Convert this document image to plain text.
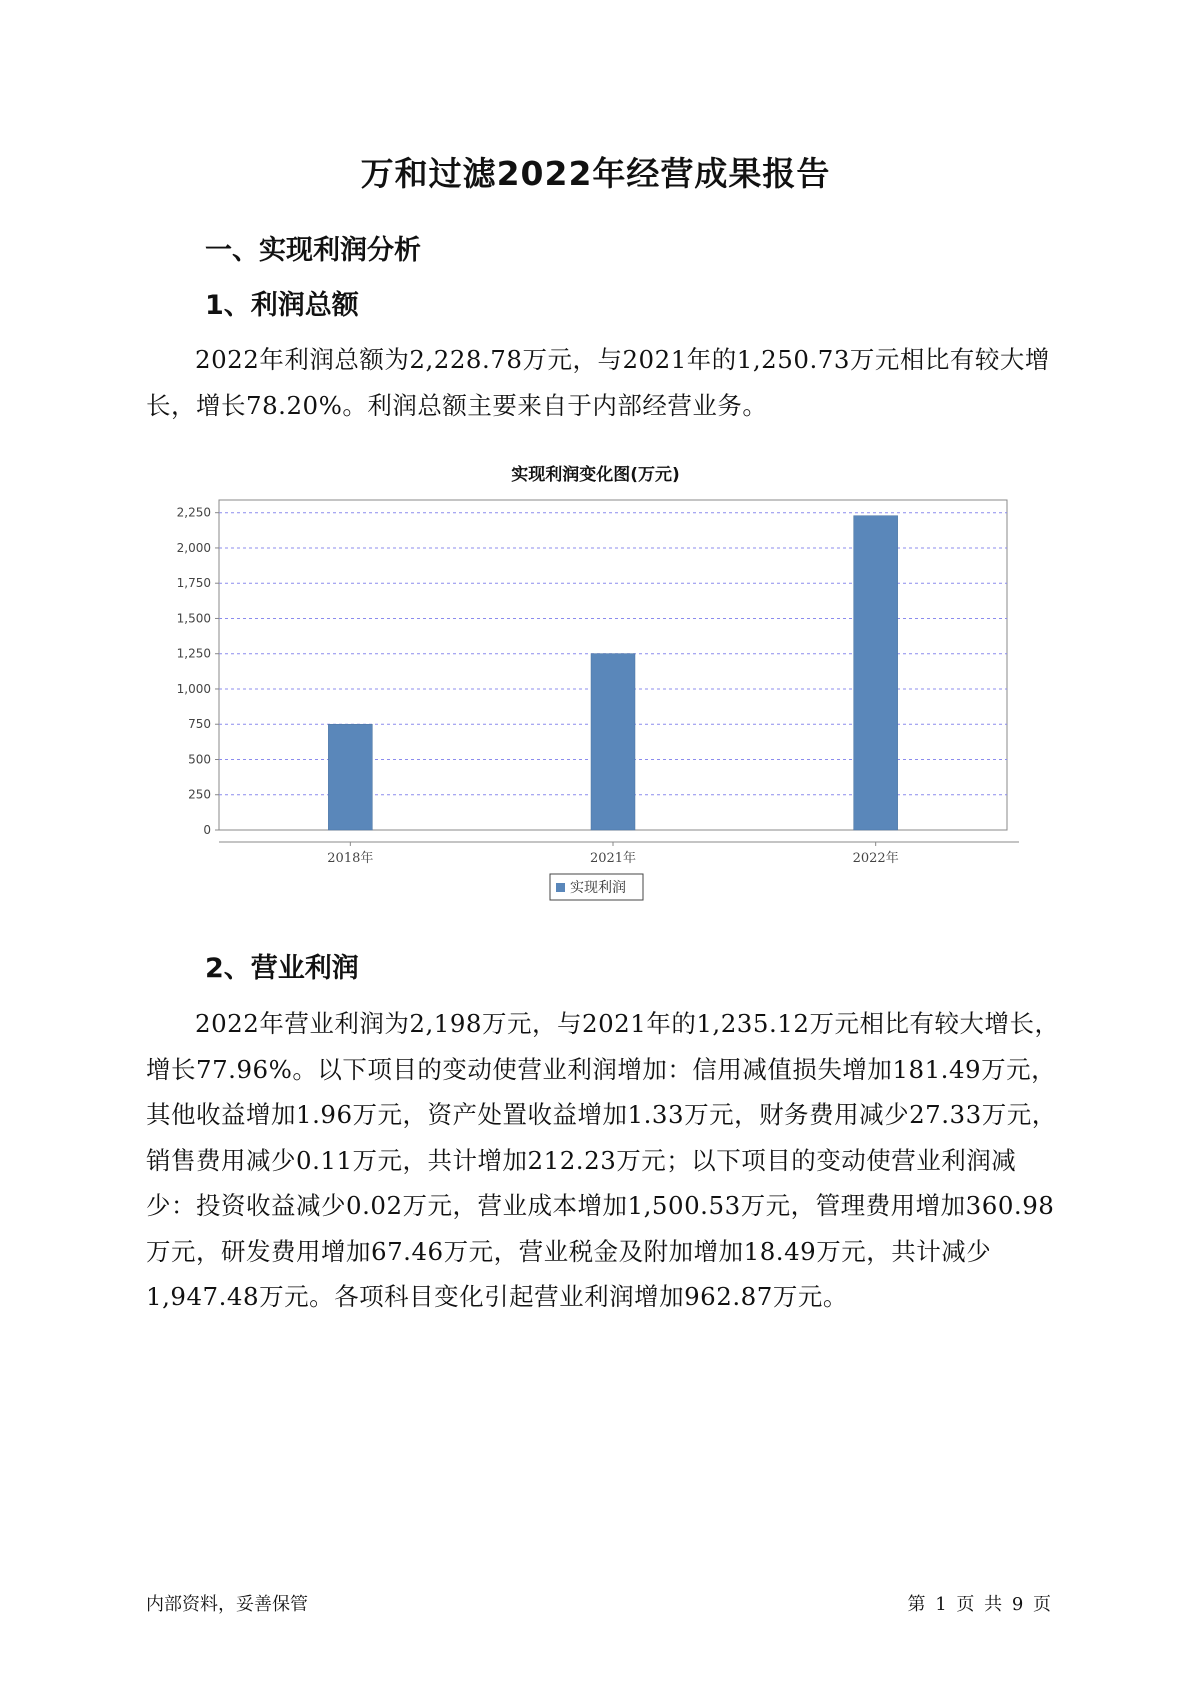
万和过滤2022年经营成果报告
一、实现利润分析
1、利润总额

2022年利润总额为2,228.78万元，与2021年的1,250.73万元相比有较大增长，增长78.20%。利润总额主要来自于内部经营业务。

实现利润变化图(万元)
0
250
500
750
1,000
1,250
1,500
1,750
2,000
2,250
2018年	2021年	2022年
实现利润
2、营业利润

2022年营业利润为2,198万元，与2021年的1,235.12万元相比有较大增长，增长77.96%。以下项目的变动使营业利润增加：信用减值损失增加181.49万元，其他收益增加1.96万元，资产处置收益增加1.33万元，财务费用减少27.33万元，销售费用减少0.11万元，共计增加212.23万元；以下项目的变动使营业利润减少：投资收益减少0.02万元，营业成本增加1,500.53万元，管理费用增加360.98万元，研发费用增加67.46万元，营业税金及附加增加18.49万元，共计减少1,947.48万元。各项科目变化引起营业利润增加962.87万元。

内部资料，妥善保管	第 1 页 共 9 页
